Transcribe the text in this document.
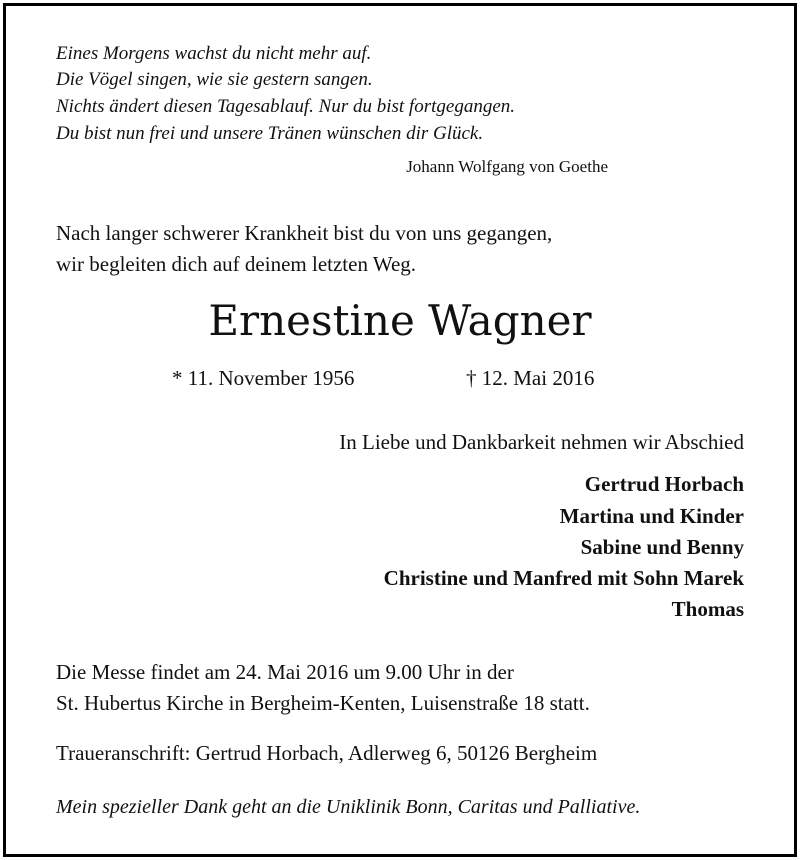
Eines Morgens wachst du nicht mehr auf.

Die Vögel singen, wie sie gestern sangen.

Nichts ändert diesen Tagesablauf. Nur du bist fortgegangen.

Du bist nun frei und unsere Tränen wünschen dir Glück.

Johann Wolfgang von Goethe

Nach langer schwerer Krankheit bist du von uns gegangen,

wir begleiten dich auf deinem letzten Weg.

Ernestine Wagner

* 11. November 1956	† 12. Mai 2016

In Liebe und Dankbarkeit nehmen wir Abschied

Gertrud Horbach

Martina und Kinder

Sabine und Benny

Christine und Manfred mit Sohn Marek

Thomas

Die Messe findet am 24. Mai 2016 um 9.00 Uhr in der

St. Hubertus Kirche in Bergheim-Kenten, Luisenstraße 18 statt.

Traueranschrift: Gertrud Horbach, Adlerweg 6, 50126 Bergheim

Mein spezieller Dank geht an die Uniklinik Bonn, Caritas und Palliative.
